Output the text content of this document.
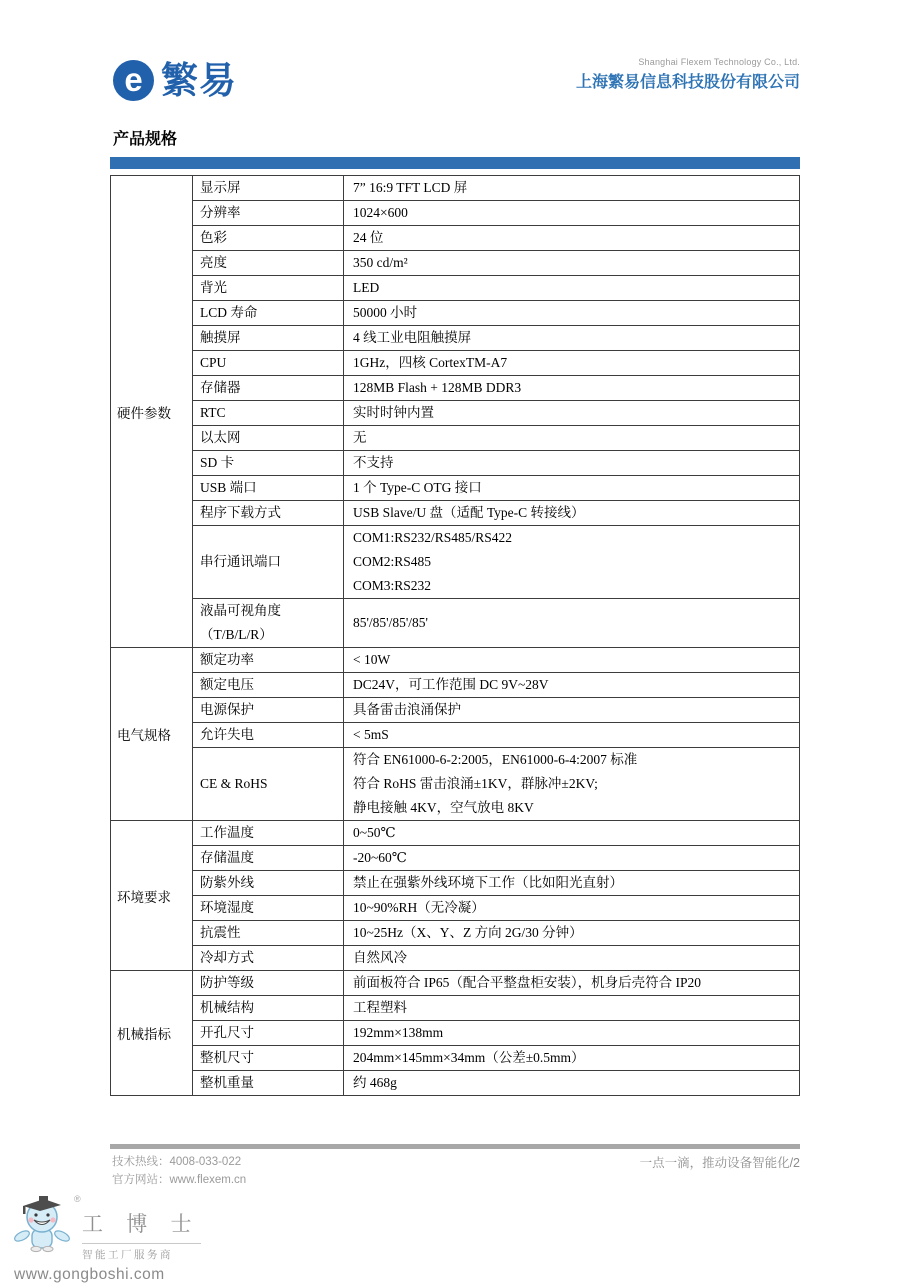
e 繁易	Shanghai Flexem Technology Co., Ltd.
上海繁易信息科技股份有限公司
产品规格
硬件参数	显示屏	7” 16:9 TFT LCD 屏

	分辨率	1024×600

	色彩	24 位

	亮度	350 cd/m²

	背光	LED

	LCD 寿命	50000 小时

	触摸屏	4 线工业电阻触摸屏

	CPU	1GHz，四核 CortexTM-A7

	存储器	128MB Flash + 128MB DDR3

	RTC	实时时钟内置

	以太网	无

	SD 卡	不支持

	USB 端口	1 个 Type-C OTG 接口

	程序下载方式	USB Slave/U 盘（适配 Type-C 转接线）

	串行通讯端口	COM1:RS232/RS485/RS422
COM2:RS485
COM3:RS232

	液晶可视角度
（T/B/L/R）	85'/85'/85'/85'

电气规格	额定功率	< 10W

	额定电压	DC24V，可工作范围 DC 9V~28V

	电源保护	具备雷击浪涌保护

	允许失电	< 5mS

	CE & RoHS	符合 EN61000-6-2:2005，EN61000-6-4:2007 标准
符合 RoHS 雷击浪涌±1KV，群脉冲±2KV;
静电接触 4KV，空气放电 8KV

环境要求	工作温度	0~50℃

	存储温度	-20~60℃

	防紫外线	禁止在强紫外线环境下工作（比如阳光直射）

	环境湿度	10~90%RH（无冷凝）

	抗震性	10~25Hz（X、Y、Z 方向 2G/30 分钟）

	冷却方式	自然风冷

机械指标	防护等级	前面板符合 IP65（配合平整盘柜安装），机身后壳符合 IP20

	机械结构	工程塑料

	开孔尺寸	192mm×138mm

	整机尺寸	204mm×145mm×34mm（公差±0.5mm）

	整机重量	约 468g
技术热线：4008-033-022
官方网站：www.flexem.cn
一点一滴，推动设备智能化/2
®
工 博 士
智能工厂服务商
www.gongboshi.com
